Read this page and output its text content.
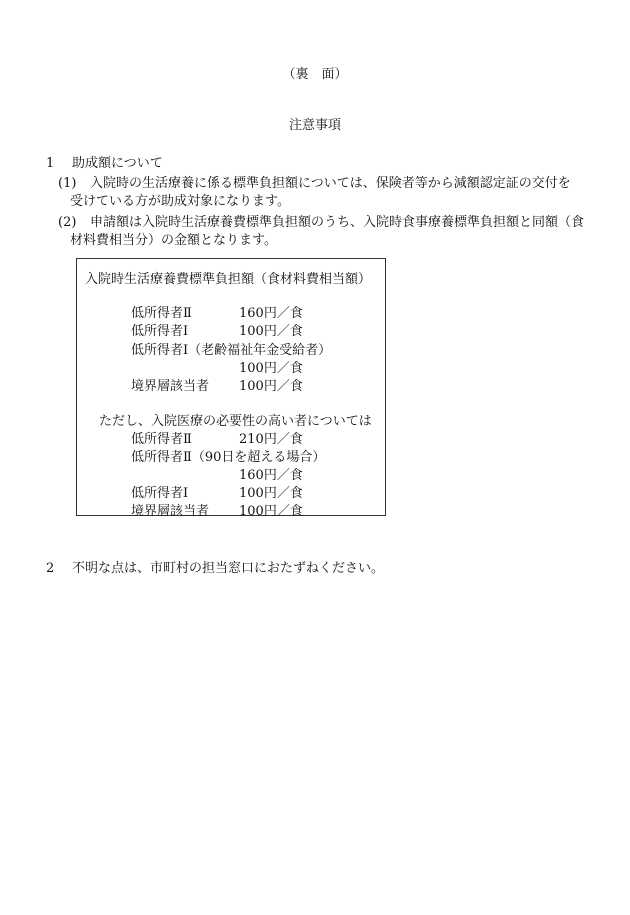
（裏　面）
注意事項
1 助成額について
(1) 入院時の生活療養に係る標準負担額については、保険者等から減額認定証の交付を
受けている方が助成対象になります。
(2) 申請額は入院時生活療養費標準負担額のうち、入院時食事療養標準負担額と同額（食
材料費相当分）の金額となります。
入院時生活療養費標準負担額（食材料費相当額）
低所得者Ⅱ	160円／食
低所得者Ⅰ	100円／食
低所得者Ⅰ（老齢福祉年金受給者）
100円／食
境界層該当者 100円／食
ただし、入院医療の必要性の高い者については
低所得者Ⅱ	210円／食
低所得者Ⅱ（90日を超える場合）
160円／食
低所得者Ⅰ	100円／食
境界層該当者 100円／食
2 不明な点は、市町村の担当窓口におたずねください。
